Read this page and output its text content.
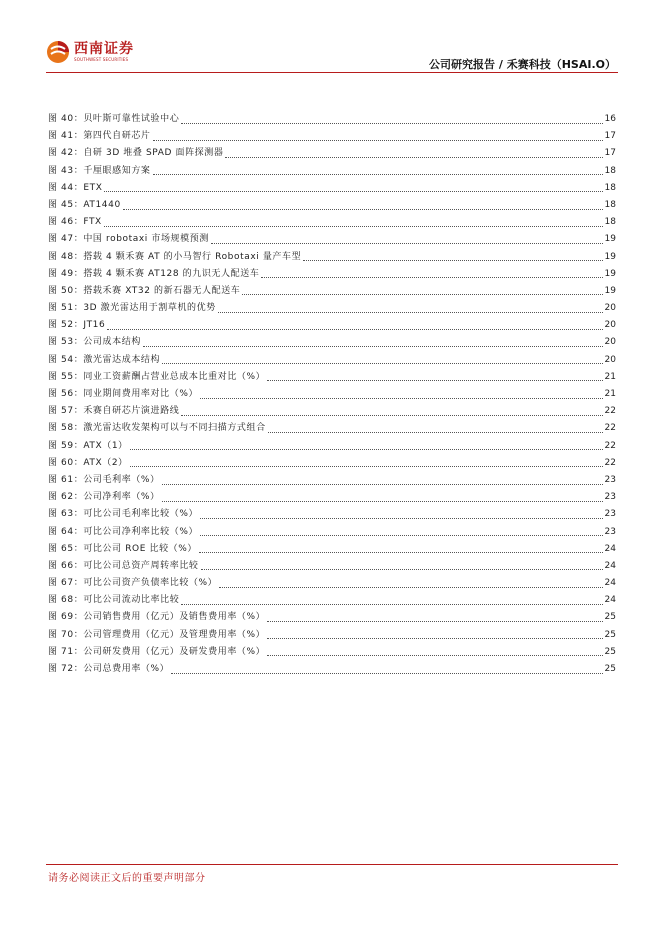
西南证券
SOUTHWEST SECURITIES	公司研究报告 / 禾赛科技（HSAI.O）
图 40： 贝叶斯可靠性试验中心	16
图 41： 第四代自研芯片	17
图 42： 自研 3D 堆叠 SPAD 面阵探测器	17
图 43： 千厘眼感知方案	18
图 44： ETX	18
图 45： AT1440	18
图 46： FTX	18
图 47： 中国 robotaxi 市场规模预测	19
图 48： 搭载 4 颗禾赛 AT 的小马智行 Robotaxi 量产车型	19
图 49： 搭载 4 颗禾赛 AT128 的九识无人配送车	19
图 50： 搭载禾赛 XT32 的新石器无人配送车	19
图 51： 3D 激光雷达用于割草机的优势	20
图 52： JT16	20
图 53： 公司成本结构	20
图 54： 激光雷达成本结构	20
图 55： 同业工资薪酬占营业总成本比重对比（%）	21
图 56： 同业期间费用率对比（%）	21
图 57： 禾赛自研芯片演进路线	22
图 58： 激光雷达收发架构可以与不同扫描方式组合	22
图 59： ATX（1）	22
图 60： ATX（2）	22
图 61： 公司毛利率（%）	23
图 62： 公司净利率（%）	23
图 63： 可比公司毛利率比较（%）	23
图 64： 可比公司净利率比较（%）	23
图 65： 可比公司 ROE 比较（%）	24
图 66： 可比公司总资产周转率比较	24
图 67： 可比公司资产负债率比较（%）	24
图 68： 可比公司流动比率比较	24
图 69： 公司销售费用（亿元）及销售费用率（%）	25
图 70： 公司管理费用（亿元）及管理费用率（%）	25
图 71： 公司研发费用（亿元）及研发费用率（%）	25
图 72： 公司总费用率（%）	25
请务必阅读正文后的重要声明部分
